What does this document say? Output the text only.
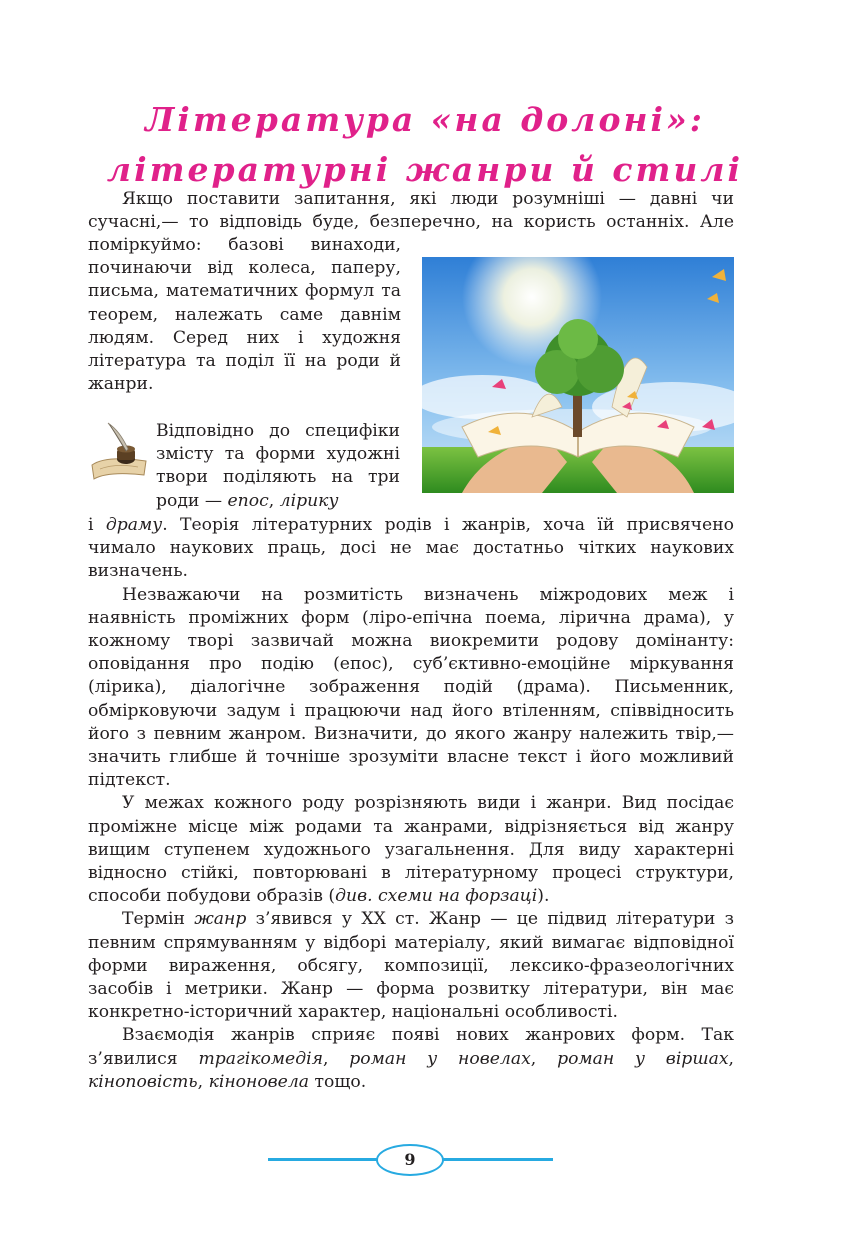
Література «на долоні»:
літературні жанри й стилі
Якщо поставити запитання, які люди розумніші — давні чи
сучасні,— то відповідь буде, безперечно, на користь останніх. Але

поміркуймо: базові винаходи, починаючи від колеса, паперу, письма, математичних формул та теорем, належать саме давнім людям. Серед них і художня література та поділ її на роди й жанри.

Відповідно до специфіки змісту та форми художні твори поділяють на три роди — епос, лірику

і драму. Теорія літературних родів і жанрів, хоча їй присвячено чимало наукових праць, досі не має достатньо чітких наукових визначень.

Незважаючи на розмитість визначень міжродових меж і наявність проміжних форм (ліро-епічна поема, лірична драма), у кожному творі зазвичай можна виокремити родову домінанту: оповідання про подію (епос), суб’єктивно-емоційне міркування (лірика), діалогічне зображення подій (драма). Письменник, обмірковуючи задум і працюючи над його втіленням, співвідносить його з певним жанром. Визначити, до якого жанру належить твір,— значить глибше й точніше зрозуміти власне текст і його можливий підтекст.

У межах кожного роду розрізняють види і жанри. Вид посідає проміжне місце між родами та жанрами, відрізняється від жанру вищим ступенем художнього узагальнення. Для виду характерні відносно стійкі, повторювані в літературному процесі структури, способи побудови образів (див. схеми на форзаці).

Термін жанр з’явився у XX ст. Жанр — це підвид літератури з певним спрямуванням у відборі матеріалу, який вимагає відповідної форми вираження, обсягу, композиції, лексико-фразеологічних засобів і метрики. Жанр — форма розвитку літератури, він має конкретно-історичний характер, національні особливості.

Взаємодія жанрів сприяє появі нових жанрових форм. Так з’явилися трагікомедія, роман у новелах, роман у віршах, кіноповість, кіноновела тощо.

9
